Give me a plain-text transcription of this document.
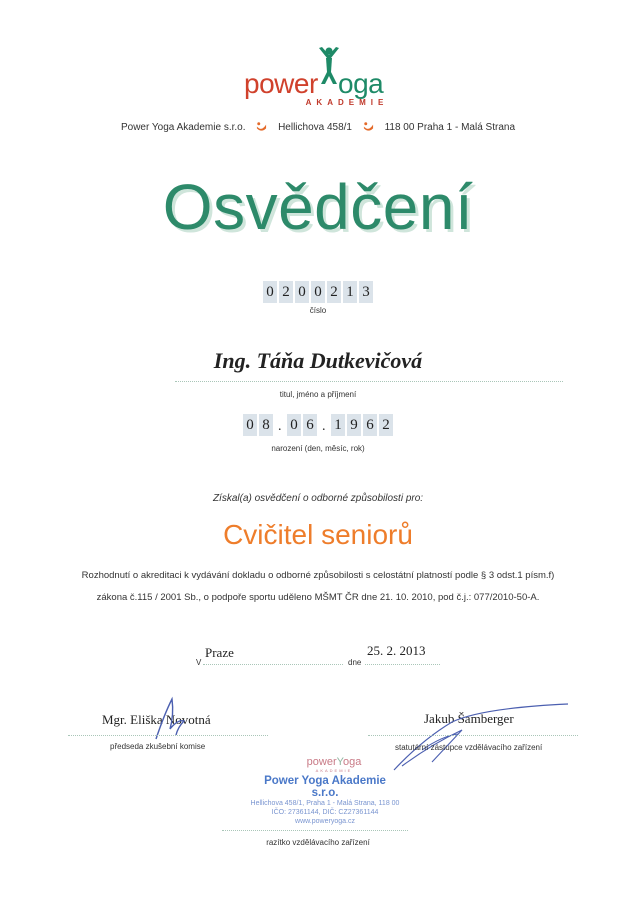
power oga
AKADEMIE
Power Yoga Akademie s.r.o.	Hellichova 458/1	118 00 Praha 1 - Malá Strana
Osvědčení
0 2 0 0 2 1 3
číslo
Ing. Táňa Dutkevičová
titul, jméno a příjmení
0 8 . 0 6 . 1 9 6 2
narození (den, měsíc, rok)
Získal(a) osvědčení o odborné způsobilosti pro:
Cvičitel seniorů
Rozhodnutí o akreditaci k vydávání dokladu o odborné způsobilosti s celostátní platností podle § 3 odst.1 písm.f)
zákona č.115 / 2001 Sb., o podpoře sportu uděleno MŠMT ČR dne 21. 10. 2010, pod č.j.: 077/2010-50-A.
Praze	25. 2. 2013
V	dne
Mgr. Eliška Novotná
předseda zkušební komise
Jakub Šamberger
statutární zástupce vzdělávacího zařízení
powerYoga
AKADEMIE
Power Yoga Akademie s.r.o.
Hellichova 458/1, Praha 1 - Malá Strana, 118 00
IČO: 27361144, DIČ: CZ27361144
www.poweryoga.cz
razítko vzdělávacího zařízení
